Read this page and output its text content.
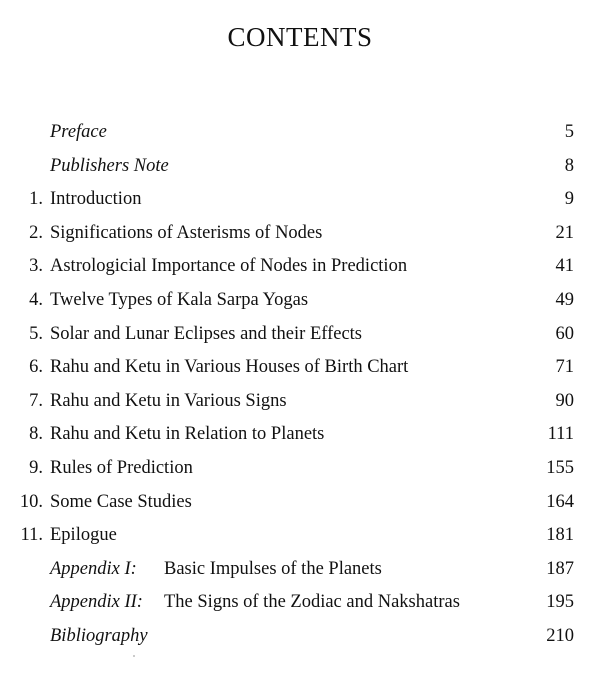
CONTENTS
Preface	5
Publishers Note	8
1. Introduction	9
2. Significations of Asterisms of Nodes	21
3. Astrologicial Importance of Nodes in Prediction	41
4. Twelve Types of Kala Sarpa Yogas	49
5. Solar and Lunar Eclipses and their Effects	60
6. Rahu and Ketu in Various Houses of Birth Chart	71
7. Rahu and Ketu in Various Signs	90
8. Rahu and Ketu in Relation to Planets	111
9. Rules of Prediction	155
10. Some Case Studies	164
11. Epilogue	181
Appendix I: Basic Impulses of the Planets	187
Appendix II: The Signs of the Zodiac and Nakshatras	195
Bibliography	210
